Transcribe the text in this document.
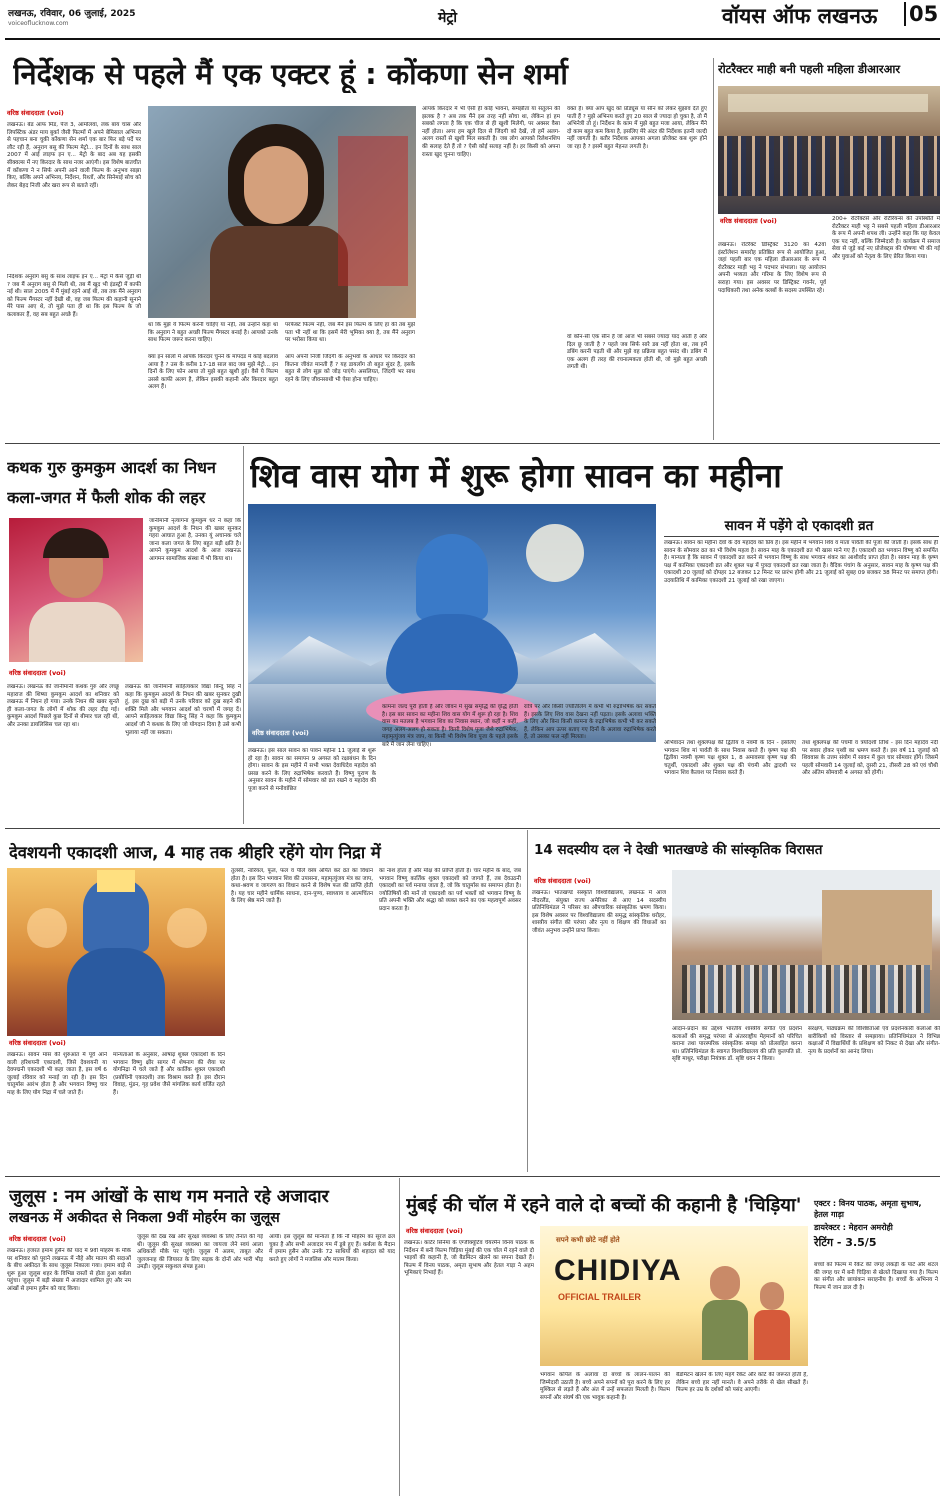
लखनऊ, रविवार, 06 जुलाई, 2025
voiceoflucknow.com	मेट्रो	वॉयस ऑफ लखनऊ 05
निर्देशक से पहले मैं एक एक्टर हूं : कोंकणा सेन शर्मा
वरिष्ठ संवाददाता (voi)
लखनऊ। बेंड आफ मिड, पेज 3, आमोलवा, लक बाय चांस और लिपस्टिक अंडर माय बुर्का जैसी फिल्मों में अपने बेमिसाल अभिनय से पहचान बना चुकी कोंकणा सेन शर्मा एक बार फिर बड़े पर्दे पर लौट रही हैं, अनुराग बसु की फिल्म मेट्रो... इन दिनों के साथ साल 2007 में आई लाइफ इन ए... मेट्रो के बाद अब यह इसकी सीक्वल्स में नए किरदार के साथ नजर आएंगी। इस विशेष बातचीत में कोंकणा ने न सिर्फ अपनी आने वाली फिल्म के अनुभव साझा किए, बल्कि अपने अभिनय, निर्देशन, रिश्तों, और सिनेमाई सोच को लेकर बेहद निजी और खरा रूप से बताते रहीं।
निर्देशक अनुराग बसु के साथ लाइफ इन ए... मेट्रो में कैसे जुड़ी थीं ? जब मैं अनुराग बसु से मिली थी, तब मैं खुद भी इंडस्ट्री में काफी नई थी। साल 2005 में मैं मुंबई रहने आई थी, तब तक मैंने अनुराग को फिल्म मैंगस्टर नहीं देखी थी, वह जब फिल्म की कहानी सुनाने मेरे पास आए थे, तो मुझे पता ही था कि इस फिल्म के जो कलाकार हैं, वह सब बहुत अच्छे हैं।
था कि मुझे ये फिल्म करनी चाहिए या नहीं, तब उन्होंने कहा था कि अनुराग ने बहुत अच्छी फिल्म मैंगस्टर बनाई है। आपको उनके साथ फिल्म जरूर करना चाहिए।
क्या इन सालों में आपके किरदार चुनने के मापदंड में कोई बदलाव आया है ? उस के करीब 17-18 साल बाद जब मुझे मेट्रो... इन दिनों के लिए फोन आया तो मुझे बहुत खुशी हुई। वैसे ये फिल्म उससे काफी अलग है, लेकिन इसकी कहानी और किरदार बहुत अलग हैं।
परफेक्ट फिल्म नहीं, जब मैंने इस फिल्म के लिए हां की तब मुझे पता भी नहीं था कि इसमें मेरी भूमिका क्या है, तब मैंने अनुराग पर भरोसा किया था।
आप अपनी निजी जिंदगी के अनुभवों के आधार पर किरदार को कितना जीवंत मानती हैं ? यह डायलॉग तो बहुत सुंदर है, इसके बहुत से लोग सुझ को जोड़ पाएंगे। असलियत, जिंदगी भर साथ रहने के लिए जीवनसाथी भी ऐसा होना चाहिए।
आपके किरदार में भी ऐसी ही कोई भावना, समझौता या संतुलन की झलक है ? अब तक मैंने इस तरह नहीं सोचा था, लेकिन हां हम सबको लगता है कि एक चीज से ही खुशी मिलेगी, पर अक्सर वैसा नहीं होता। अगर हम खुले दिल से जिंदगी को देखें, तो हमें अलग-अलग रास्तों से खुशी मिल सकती है। जब लोग आपको रिलेशनशिप की सलाह देते हैं तो ? ऐसी कोई सलाह नहीं है। हर किसी को अपना रास्ता खुद चुनना चाहिए।
वक्त है। क्या आप खुद को प्रोड्यूस या सीन को लेकर सुझाव देते हुए पाती हैं ? मुझे अभिनय करते हुए 20 साल से ज्यादा हो चुका है, तो मैं अभिनेत्री तो हूं। निर्देशन के काम में मुझे बहुत मजा आया, लेकिन मैंने दो काम बहुत कम किया है, इसलिए मेरे अंदर की निर्देशक इतनी जल्दी नहीं जागती है। बतौर निर्देशक आपका अगला प्रोजेक्ट कब शुरू होने जा रहा है ? इसमें बहुत मेहनत लगती है।
वो कौन-सी एक सीन है जो आज भी सबसे ज्यादा याद आती है और दिल छू जाती है ? पहले जब सिर्फ सारे डब नहीं होता था, तब हमें डबिंग करनी पड़ती थी और मुझे वह प्रक्रिया बहुत पसंद थी। डबिंग में एक अलग ही तरह की रचनात्मकता होती थी, जो मुझे बहुत अच्छी लगती थी।
रोटरैक्टर माही बनी पहली महिला डीआरआर
वरिष्ठ संवाददाता (voi)
लखनऊ। रोटरैक्ट डिस्ट्रिक्ट 3120 का 42वां इंस्टॉलेशन समारोह प्रतिष्ठित रूप से आयोजित हुआ, जहां पहली बार एक महिला डीआरआर के रूप में रोटरैक्टर माही भट्ट ने पदभार संभाला। यह आयोजन अपनी भव्यता और गरिमा के लिए विशेष रूप से सराहा गया। इस अवसर पर डिस्ट्रिक्ट गवर्नर, पूर्व पदाधिकारी तथा अनेक क्लबों के सदस्य उपस्थित रहे।
200+ रोटरैक्टर्स और रोटेरियन्स की उपस्थिति में रोटरैक्टर माही भट्ट ने सबसे पहली महिला डीआरआर के रूप में अपनी शपथ ली। उन्होंने कहा कि यह केवल एक पद नहीं, बल्कि जिम्मेदारी है। कार्यक्रम में समाज सेवा से जुड़े कई नए प्रोजेक्ट्स की घोषणा भी की गई और युवाओं को नेतृत्व के लिए प्रेरित किया गया।
कथक गुरु कुमकुम आदर्श का निधन
कला-जगत में फैली शोक की लहर
जानीमानी नृत्यांगना कुमकुम धर ने कहा कि कुमकुम आदर्श के निधन की खबर सुनकर गहरा आघात हुआ है, उनका यूं अचानक चले जाना कला जगत के लिए बहुत बड़ी क्षति है। आपने कुमकुम आदर्श के आज लखनऊ आगमन सामाजिक संस्था में भी किया था।
वरिष्ठ संवाददाता (voi)
लखनऊ। लखनऊ की जानीमानी कथक गुरु और लच्छू महाराज की शिष्या कुमकुम आदर्श का शनिवार को लखनऊ में निधन हो गया। उनके निधन की खबर सुनते ही कला-जगत के लोगों में शोक की लहर दौड़ गई। कुमकुम आदर्श पिछले कुछ दिनों से बीमार चल रही थीं, और उनका डायलिसिस चल रहा था।
लखनऊ की जानीमानी साहित्यकार विद्या बिन्दु सिंह ने कहा कि कुमकुम आदर्श के निधन की खबर सुनकर दुखी हूं, इस दुख को बड़ी में उनके परिवार को दुख सहने की शक्ति मिले और भगवान आदर्श को चरणों में जगह दें। आपने साहित्यकार विद्या बिन्दु सिंह ने कहा कि कुमकुम आदर्श जी ने कथक के लिए जो योगदान दिया है उसे कभी भुलाया नहीं जा सकता।
शिव वास योग में शुरू होगा सावन का महीना
वरिष्ठ संवाददाता (voi)
लखनऊ। इस साल सावन का पावन महीना 11 जुलाई से शुरू हो रहा है। सावन का समापन 9 अगस्त को रक्षाबंधन के दिन होगा। सावन के इस महीने में सभी भक्त देवाधिदेव महादेव को प्रसन्न करने के लिए रुद्राभिषेक करवाते हैं। विष्णु पुराण के अनुसार सावन के महीने में सोमवार को व्रत रखने व महादेव की पूजा करने से मनोवांछित
कामना जल्द पूरी होती है और जीवन में सुख समृद्धि की वृद्धि होती है। इस बार सावन का महीना शिव वास योग में शुरू हो रहा है। शिव वास का मतलब है भगवान शिव का निवास स्थान, जो कहीं न कहीं, जगह अलग-अलग हो सकता है। किसी विशेष पूजा जैसे रुद्राभिषेक, महामृत्युंजय मंत्र जाप, या किसी भी विशेष शिव पूजा के पहले इसके बारे में जान लेना चाहिए।
रात्रि पर और किसी ज्योतिलिंग में कभी भी रुद्राभिषेक कर सकते हैं। इसके लिए शिव वास देखना नहीं पड़ता। इसके अलावा भक्ति के लिए और बिना किसी कामना के रुद्राभिषेक कभी भी कर सकते हैं, लेकिन आप ऊपर बताए गए दिनों के अलावा रुद्राभिषेक करते हैं, तो उसका फल नहीं मिलता।
सावन में पड़ेंगे दो एकादशी व्रत
लखनऊ। सावन का महीना देवों के देव महादेव को प्रिय है। इस महीने में भगवान शिव व माता पार्वती की पूजा की जाती है। इसके साथ ही सावन के सोमवार व्रत का भी विशेष महत्व है। सावन माह के एकादशी व्रत भी खास माने गए हैं। एकादशी व्रत भगवान विष्णु को समर्पित है। मान्यता है कि सावन में एकादशी व्रत करने से भगवान विष्णु के साथ भगवान शंकर का आशीर्वाद प्राप्त होता है। सावन माह के कृष्ण पक्ष में कामिका एकादशी व्रत और शुक्ल पक्ष में पुत्रदा एकादशी व्रत रखा जाता है। वैदिक पंचांग के अनुसार, सावन माह के कृष्ण पक्ष की एकादशी 20 जुलाई को दोपहर 12 बजकर 12 मिनट पर प्रारंभ होगी और 21 जुलाई को सुबह 09 बजकर 38 मिनट पर समाप्त होगी। उदयातिथि में कामिका एकादशी 21 जुलाई को रखा जाएगा।
अभिवादन तथा शुक्लपक्ष की द्वितीय व नवमी के दिन - इसलिए भगवान शिव मां पार्वती के साथ निवास करते हैं। कृष्ण पक्ष की द्वितीया नवमी कृष्ण पक्ष शुक्ल 1, 8 अमावस्या कृष्ण पक्ष की चतुर्थी, एकादशी और शुक्ल पक्ष की पंचमी और द्वादशी पर भगवान शिव कैलाश पर निवास करते हैं।
तथा शुक्लपक्ष की पंचमी व त्रयोदशी तिथि - इस दिन महादेव नंदी पर सवार होकर पृथ्वी का भ्रमण करते हैं। इस वर्ष 11 जुलाई को शिववास के उत्तम संयोग में सावन में कुल चार सोमवार होंगे। जिसमें पहली सोमवारी 14 जुलाई को, दूसरी 21, तीसरी 28 को एवं चौथी और अंतिम सोमवारी 4 अगस्त को होगी।
देवशयनी एकादशी आज, 4 माह तक श्रीहरि रहेंगे योग निद्रा में
वरिष्ठ संवाददाता (voi)
लखनऊ। सावन मास की शुरुआत में पूर्व आने वाली हरिशयनी एकादशी, जिसे देवशयनी या देवपद्मनी एकादशी भी कहा जाता है, इस वर्ष 6 जुलाई रविवार को मनाई जा रही है। इस दिन चातुर्मास आरंभ होता है और भगवान विष्णु चार माह के लिए योग निद्रा में चले जाते हैं।
मान्यताओं के अनुसार, आषाढ़ शुक्ल एकादशी के दिन भगवान विष्णु क्षीर सागर में शेषनाग की शैया पर योगनिद्रा में चले जाते हैं और कार्तिक शुक्ल एकादशी (प्रबोधिनी एकादशी) तक विश्राम करते हैं। इस दौरान विवाह, मुंडन, गृह प्रवेश जैसे मांगलिक कार्य वर्जित रहते हैं।
तुलसी, नारियल, फूल, फल व पीले वस्त्र अर्पित कर व्रत का विधान होता है। इस दिन भगवान शिव की उपासना, महामृत्युंजय मंत्र का जाप, कथा-श्रवण व जागरण का विधान करने से विशेष फल की प्राप्ति होती है। यह चार महीने धार्मिक साधना, दान-पुण्य, स्वाध्याय व आत्मचिंतन के लिए श्रेष्ठ माने जाते हैं।
का नाश होता है और मोक्ष की प्राप्ति होती है। चार महीने के बाद, जब भगवान विष्णु कार्तिक शुक्ल एकादशी को जागते हैं, तब देवउठनी एकादशी का पर्व मनाया जाता है, जो कि चातुर्मास का समापन होता है। ज्योतिषियों की मानें तो एकादशी का पर्व भक्तों को भगवान विष्णु के प्रति अपनी भक्ति और श्रद्धा को व्यक्त करने का एक महत्वपूर्ण अवसर प्रदान करता है।
14 सदस्यीय दल ने देखी भातखण्डे की सांस्कृतिक विरासत
वरिष्ठ संवाददाता (voi)
लखनऊ। भातखण्डे संस्कृति विश्वविद्यालय, लखनऊ में आज नीदरलैंड, संयुक्त राज्य अमेरिका से आए 14 सदस्यीय प्रतिनिधिमंडल ने परिसर का औपचारिक सांस्कृतिक भ्रमण किया। इस विशेष अवसर पर विश्वविद्यालय की समृद्ध सांस्कृतिक धरोहर, शास्त्रीय संगीत की परंपरा और नृत्य व शिक्षण की विधाओं का जीवंत अनुभव उन्होंने प्राप्त किया।
आदान-प्रदान का उद्देश्य भारतीय शास्त्रीय संगीत एवं प्रदर्शन कलाओं की समृद्ध परंपरा से अंतरराष्ट्रीय मेहमानों को परिचित कराना तथा पारस्परिक सांस्कृतिक समझ को प्रोत्साहित करना था। प्रतिनिधिमंडल के स्वागत विश्वविद्यालय की प्रति कुलपति प्रो. सृष्टि माथुर, परीक्षा नियंत्रक डॉ. सृष्टि धवन ने किया।
संरक्षण, पाठ्यक्रम की विशिष्टताओं एवं प्रदर्शनकारी कलाओं की बारीकियों को विस्तार से समझाया। प्रतिनिधिमंडल ने विभिन्न कक्षाओं में विद्यार्थियों के प्रशिक्षण को निकट से देखा और संगीत-नृत्य के प्रदर्शनों का आनंद लिया।
जुलूस : नम आंखों के साथ गम मनाते रहे अजादार
लखनऊ में अकीदत से निकला 9वीं मोहर्रम का जुलूस
वरिष्ठ संवाददाता (voi)
लखनऊ। हजरत इमाम हुसैन की याद में 9वीं मोहर्रम के मौके पर शनिवार को पुराने लखनऊ में नौहे और मातम की सदाओं के बीच अकीदत के साथ जुलूस निकाला गया। इमाम बाड़े से शुरू हुआ जुलूस शहर के विभिन्न रास्तों से होता हुआ कर्बला पहुंचा। जुलूस में बड़ी संख्या में अजादार शामिल हुए और नम आंखों से इमाम हुसैन को याद किया।
जुलूस की देख रेख और सुरक्षा व्यवस्था के लिए तैनात की गई थी। जुलूस की सुरक्षा व्यवस्था का जायजा लेने स्वयं आला अधिकारी मौके पर पहुंचे। जुलूस में अलम, ताबूत और जुलजनाह की जियारत के लिए सड़क के दोनों ओर भारी भीड़ उमड़ी। जुलूस सकुशल संपन्न हुआ।
आयी। इस जुलूस की मान्यता है कि नौ मोहर्रम का सूरज ढल चुका है और सभी अजादार गम में डूबे हुए हैं। कर्बला के मैदान में इमाम हुसैन और उनके 72 साथियों की शहादत को याद करते हुए लोगों ने मजलिस और मातम किया।
मुंबई की चॉल में रहने वाले दो बच्चों की कहानी है 'चिड़िया'
वरिष्ठ संवाददाता (voi)
लखनऊ। कार्टर सिनेमा के एग्जीक्यूटिव चेयरमैन विनय पाठक के निर्देशन में बनी फिल्म चिड़िया मुंबई की एक चॉल में रहने वाले दो भाइयों की कहानी है, जो बैडमिंटन खेलने का सपना देखते हैं। फिल्म में विनय पाठक, अमृता सुभाष और हेतल गाड़ा ने अहम भूमिकाएं निभाई हैं।
सपने कभी छोटे नहीं होते
CHIDIYA
OFFICIAL TRAILER
भगवान कपिल के अलावा दो बच्चों के लालन-पालन की जिम्मेदारी उठाती है। बच्चे अपने सपनों को पूरा करने के लिए हर मुश्किल से लड़ते हैं और अंत में उन्हें सफलता मिलती है। फिल्म सपनों और संघर्ष की एक भावुक कहानी है।
बैडमिंटन खेलने के लिए महंगे रैकेट और कोर्ट की जरूरत होती है, लेकिन बच्चे हार नहीं मानते। वे अपने तरीके से खेल सीखते हैं। फिल्म हर उम्र के दर्शकों को पसंद आएगी।
एक्टर : विनय पाठक, अमृता सुभाष, हेतल गाड़ा
डायरेक्टर : मेहरान अमरोही
रेटिंग - 3.5/5
बच्चों को फिल्म में रैकेट की जगह लकड़ी के पाटे और शटल की जगह घर में बनी चिड़िया से खेलते दिखाया गया है। फिल्म का संगीत और छायांकन सराहनीय है। बच्चों के अभिनय ने फिल्म में जान डाल दी है।
